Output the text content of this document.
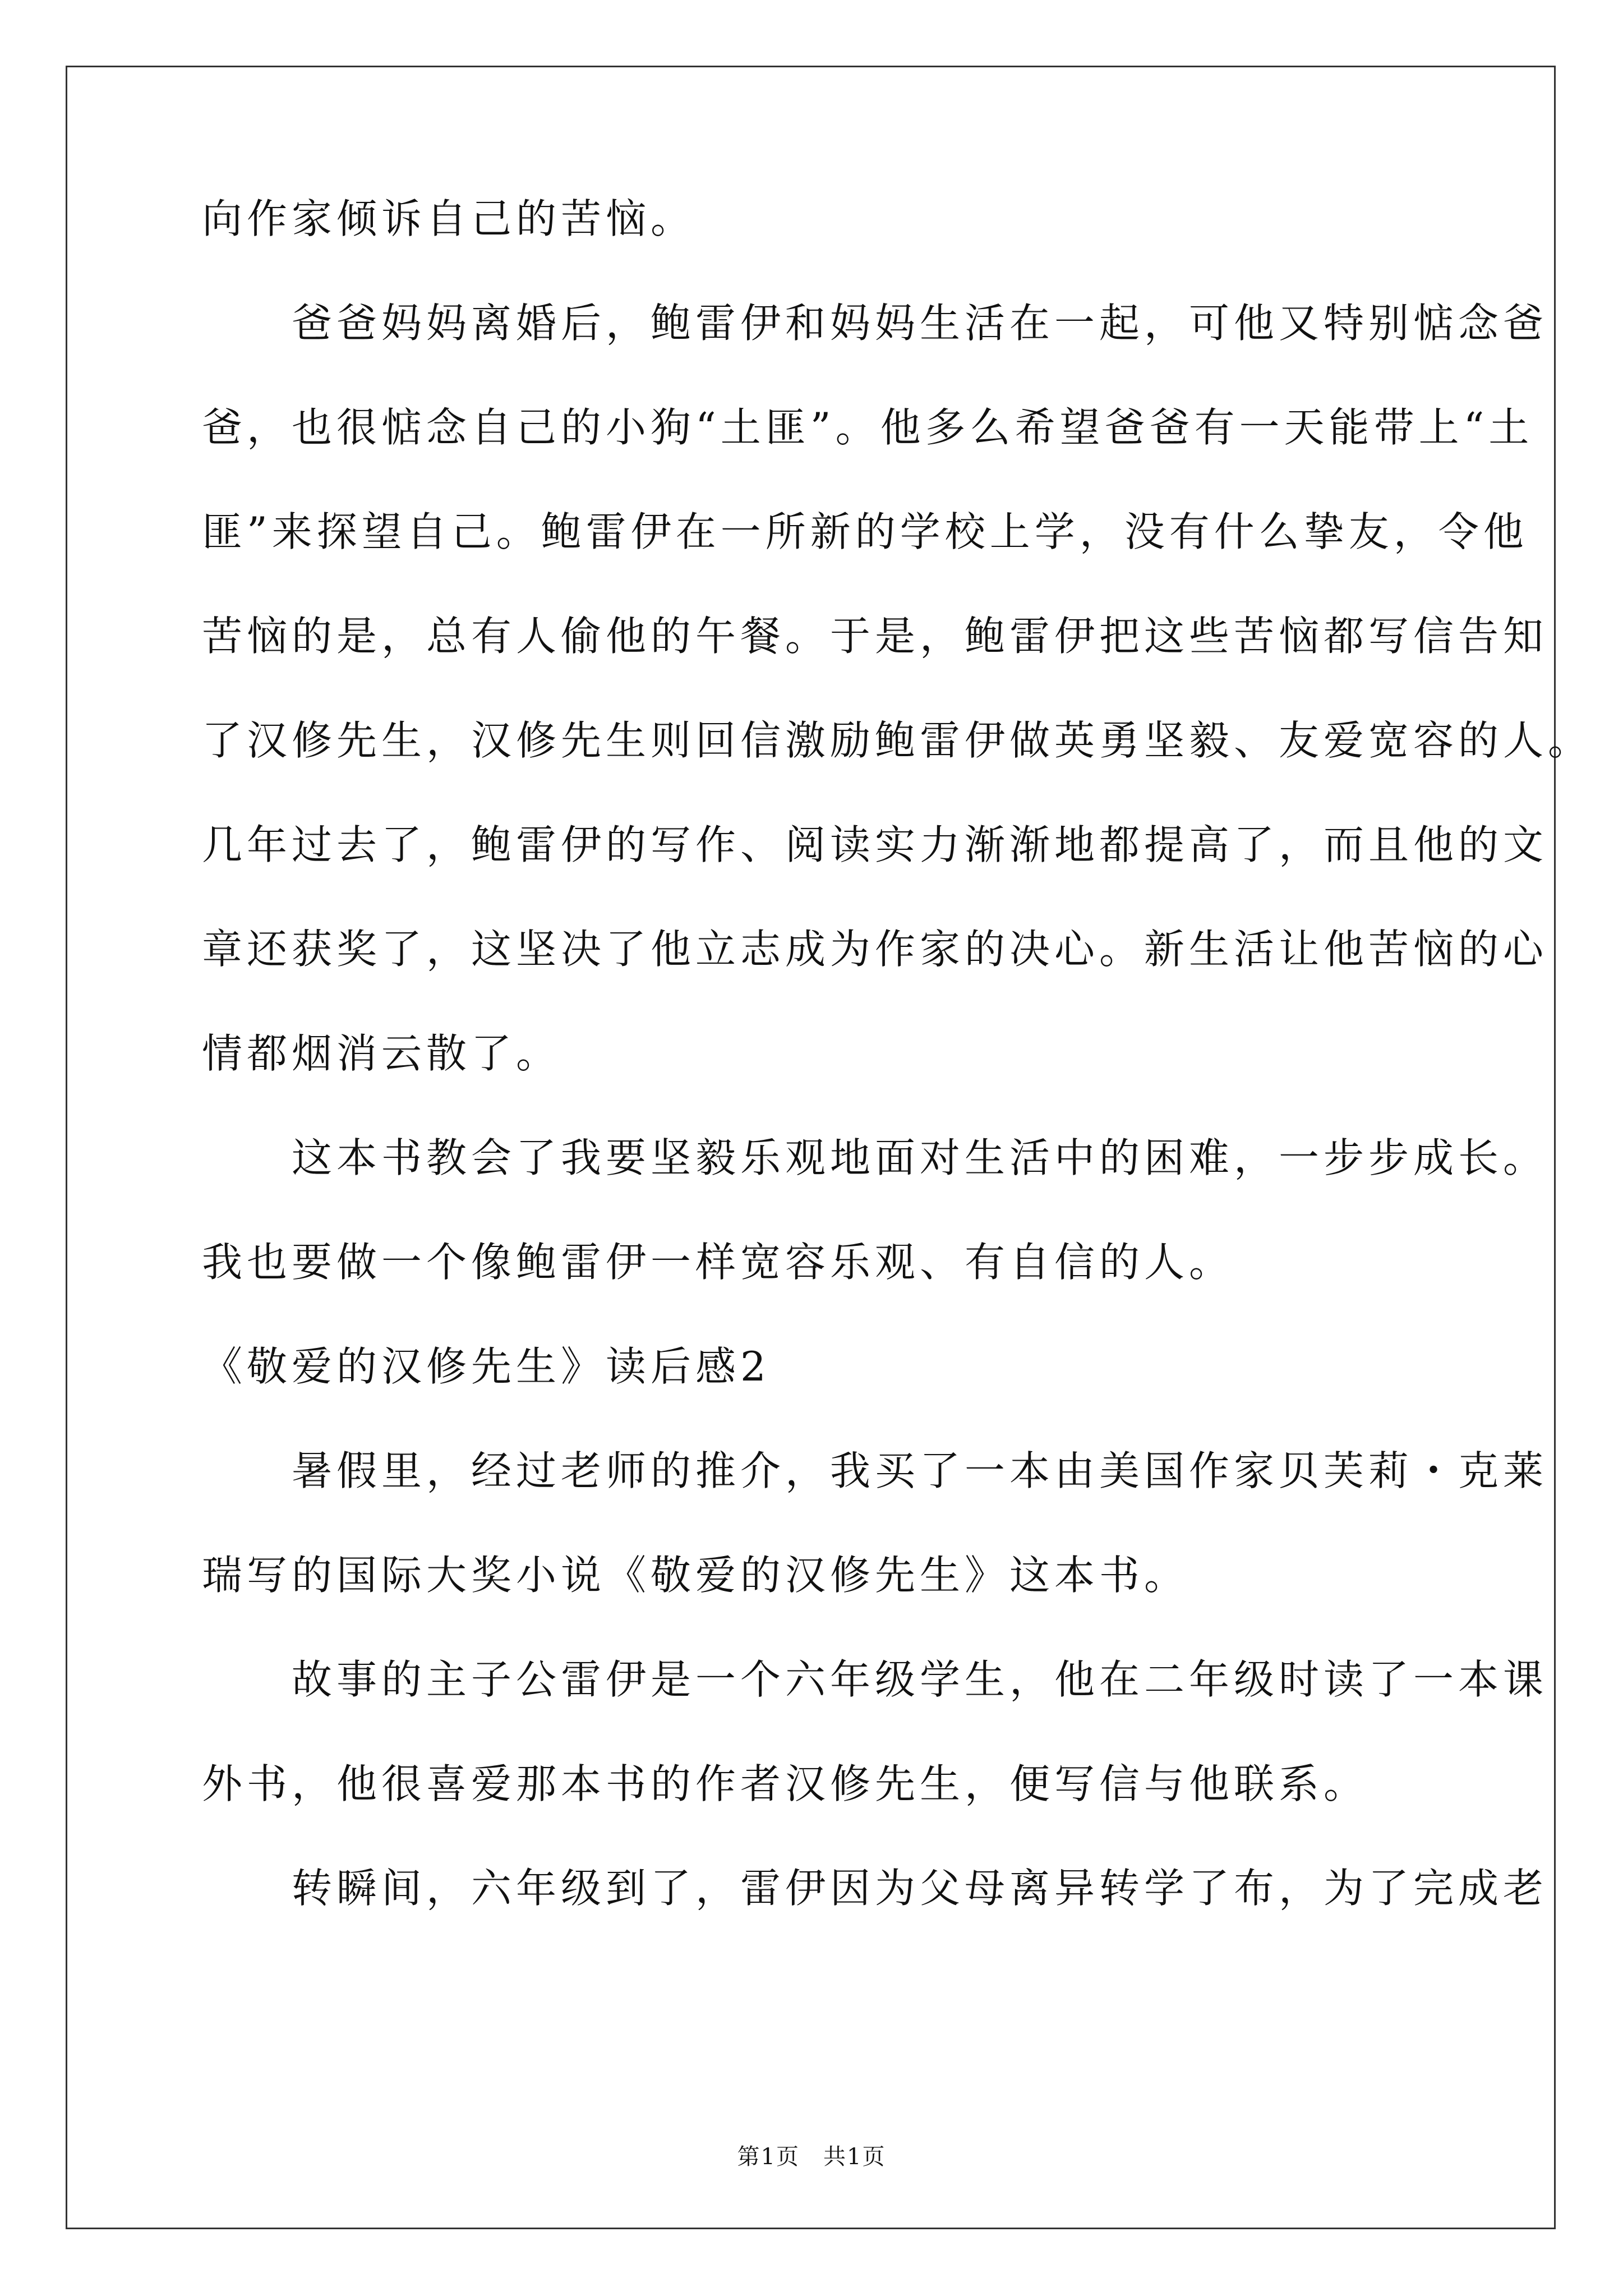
向作家倾诉自己的苦恼。
　　爸爸妈妈离婚后，鲍雷伊和妈妈生活在一起，可他又特别惦念爸
爸，也很惦念自己的小狗“土匪”。他多么希望爸爸有一天能带上“土
匪”来探望自己。鲍雷伊在一所新的学校上学，没有什么挚友，令他
苦恼的是，总有人偷他的午餐。于是，鲍雷伊把这些苦恼都写信告知
了汉修先生，汉修先生则回信激励鲍雷伊做英勇坚毅、友爱宽容的人。
几年过去了，鲍雷伊的写作、阅读实力渐渐地都提高了，而且他的文
章还获奖了，这坚决了他立志成为作家的决心。新生活让他苦恼的心
情都烟消云散了。
　　这本书教会了我要坚毅乐观地面对生活中的困难，一步步成长。
我也要做一个像鲍雷伊一样宽容乐观、有自信的人。
《敬爱的汉修先生》读后感2
　　暑假里，经过老师的推介，我买了一本由美国作家贝芙莉・克莱
瑞写的国际大奖小说《敬爱的汉修先生》这本书。
　　故事的主子公雷伊是一个六年级学生，他在二年级时读了一本课
外书，他很喜爱那本书的作者汉修先生，便写信与他联系。
　　转瞬间，六年级到了，雷伊因为父母离异转学了布，为了完成老
第1页　共1页
